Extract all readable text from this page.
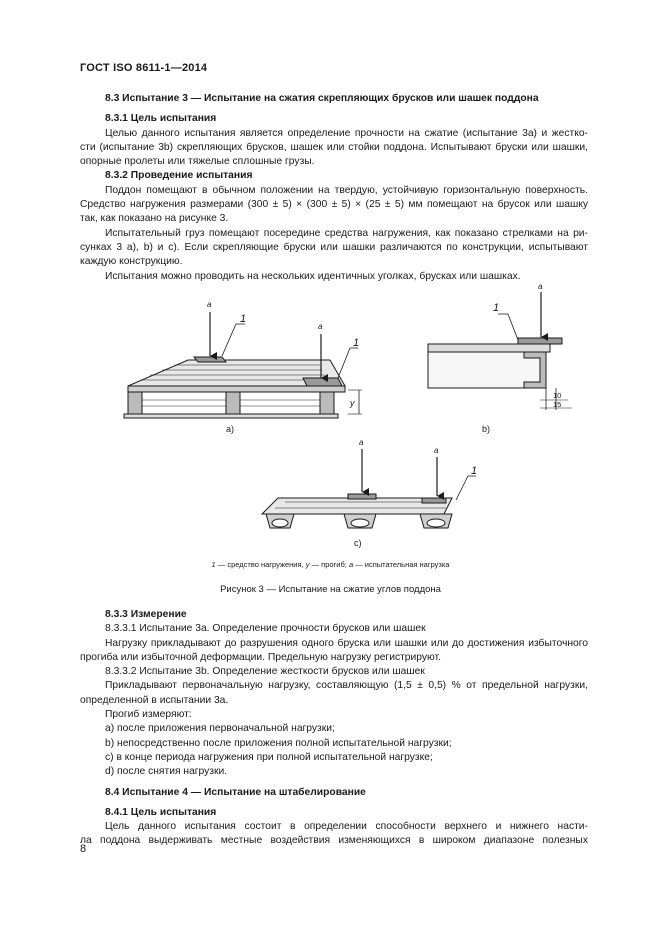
ГОСТ ISO 8611-1—2014

8.3 Испытание 3 — Испытание на сжатия скрепляющих брусков или шашек поддона

8.3.1 Цель испытания

Целью данного испытания является определение прочности на сжатие (испытание 3а) и жестко-

сти (испытание 3b) скрепляющих брусков, шашек или стойки поддона. Испытывают бруски или шашки,

опорные пролеты или тяжелые сплошные грузы.

8.3.2 Проведение испытания

Поддон помещают в обычном положении на твердую, устойчивую горизонтальную поверхность.

Средство нагружения размерами (300 ± 5) × (300 ± 5) × (25 ± 5) мм помещают на брусок или шашку

так, как показано на рисунке 3.

Испытательный груз помещают посередине средства нагружения, как показано стрелками на ри-

сунках 3 а), b) и с). Если скрепляющие бруски или шашки различаются по конструкции, испытывают

каждую конструкцию.

Испытания можно проводить на нескольких идентичных уголках, брусках или шашках.

а
а
1
1
y
а
1
10
15
а
а
1
a)	b)
c)
1 — средство нагружения, y — прогиб; а — испытательная нагрузка
Рисунок 3 — Испытание на сжатие углов поддона

8.3.3 Измерение

8.3.3.1 Испытание 3а. Определение прочности брусков или шашек

Нагрузку прикладывают до разрушения одного бруска или шашки или до достижения избыточного

прогиба или избыточной деформации. Предельную нагрузку регистрируют.

8.3.3.2 Испытание 3b. Определение жесткости брусков или шашек

Прикладывают первоначальную нагрузку, составляющую (1,5 ± 0,5) % от предельной нагрузки,

определенной в испытании 3а.

Прогиб измеряют:

а) после приложения первоначальной нагрузки;

b) непосредственно после приложения полной испытательной нагрузки;

с) в конце периода нагружения при полной испытательной нагрузке;

d) после снятия нагрузки.

8.4 Испытание 4 — Испытание на штабелирование

8.4.1 Цель испытания

Цель данного испытания состоит в определении способности верхнего и нижнего насти-

ла поддона выдерживать местные воздействия изменяющихся в широком диапазоне полезных

8
